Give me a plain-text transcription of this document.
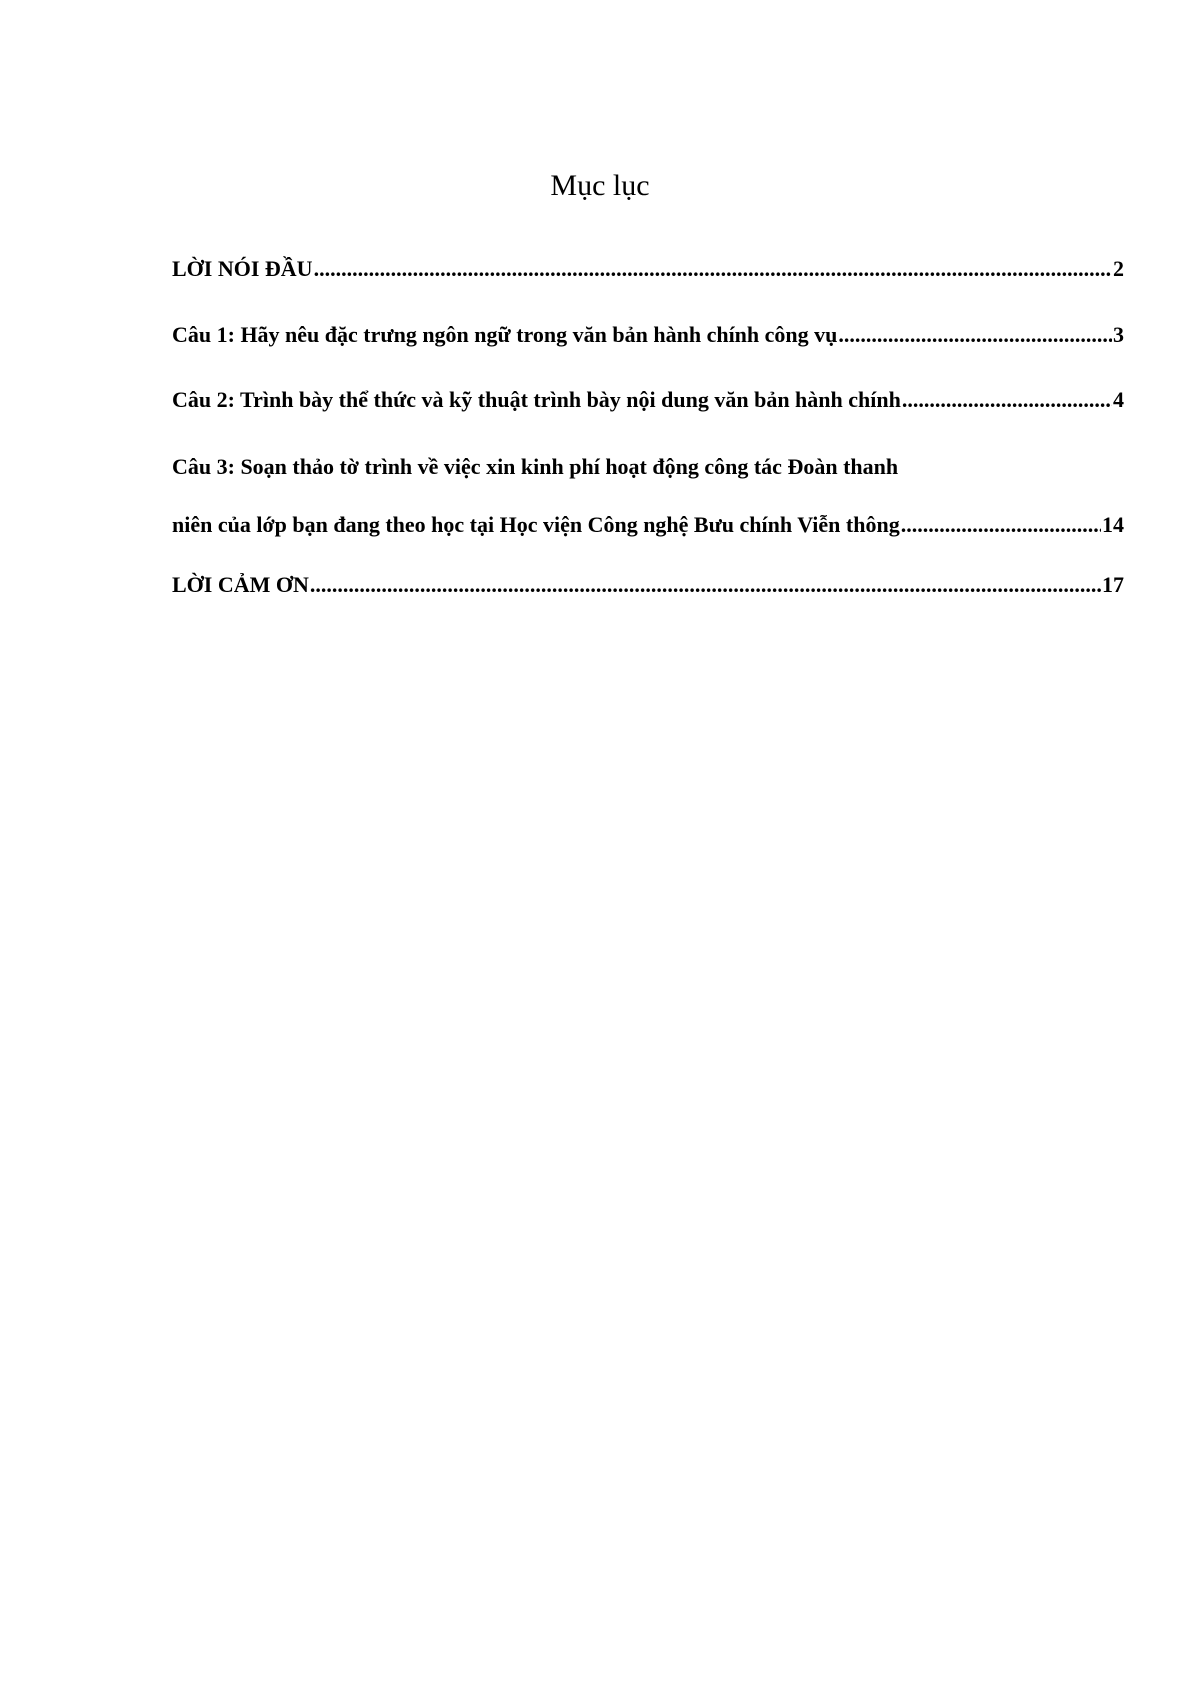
Mục lục
LỜI NÓI ĐẦU .....	2
Câu 1: Hãy nêu đặc trưng ngôn ngữ trong văn bản hành chính công vụ .....	3
Câu 2: Trình bày thể thức và kỹ thuật trình bày nội dung văn bản hành chính .....	4
Câu 3: Soạn thảo tờ trình về việc xin kinh phí hoạt động công tác Đoàn thanh
niên của lớp bạn đang theo học tại Học viện Công nghệ Bưu chính Viễn thông .....	14
LỜI CẢM ƠN .....	17
